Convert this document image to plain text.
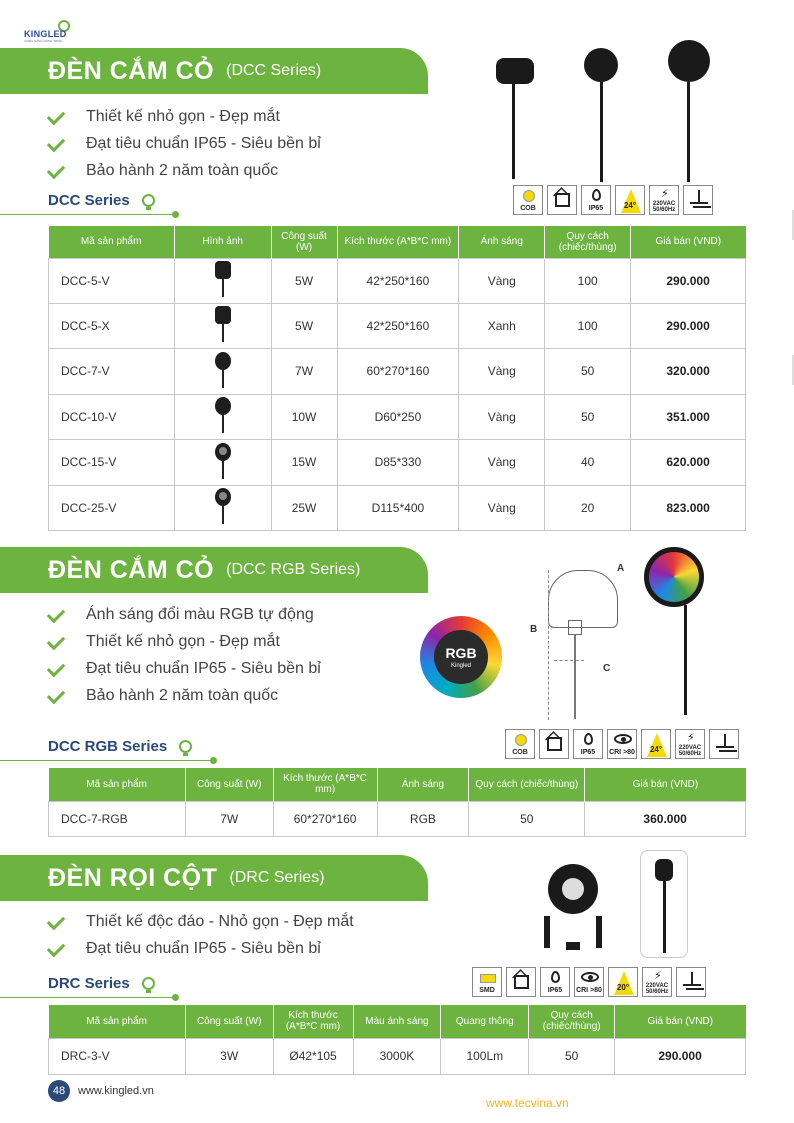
KINGLED
CHIẾU SÁNG CÔNG TRÌNH
ĐÈN CẮM CỎ (DCC Series)
Thiết kế nhỏ gọn - Đẹp mắt
Đạt tiêu chuẩn IP65 - Siêu bền bỉ
Bảo hành 2 năm toàn quốc
DCC Series	COB	IP65	24°
⚡
220VAC 50/60Hz
Mã sản phẩm	Hình ảnh	Công suất (W)	Kích thước (A*B*C mm)	Ánh sáng	Quy cách (chiếc/thùng)	Giá bán (VND)
DCC-5-V		5W	42*250*160	Vàng	100	290.000
DCC-5-X		5W	42*250*160	Xanh	100	290.000
DCC-7-V		7W	60*270*160	Vàng	50	320.000
DCC-10-V		10W	D60*250	Vàng	50	351.000
DCC-15-V		15W	D85*330	Vàng	40	620.000
DCC-25-V		25W	D115*400	Vàng	20	823.000
ĐÈN CẮM CỎ (DCC RGB Series)
Ánh sáng đổi màu RGB tự động
Thiết kế nhỏ gọn - Đẹp mắt
Đạt tiêu chuẩn IP65 - Siêu bền bỉ
Bảo hành 2 năm toàn quốc
RGB
Kingled
A
B
C
DCC RGB Series	COB	IP65	CRI >80	24°
⚡
220VAC 50/60Hz
Mã sản phẩm	Công suất (W)	Kích thước (A*B*C mm)	Ánh sáng	Quy cách (chiếc/thùng)	Giá bán (VND)
DCC-7-RGB	7W	60*270*160	RGB	50	360.000
ĐÈN RỌI CỘT (DRC Series)
Thiết kế độc đáo - Nhỏ gọn - Đẹp mắt
Đạt tiêu chuẩn IP65 - Siêu bền bỉ
DRC Series	SMD	IP65	CRI >80	20°
⚡
220VAC 50/60Hz
Mã sản phẩm	Công suất (W)	Kích thước (A*B*C mm)	Màu ánh sáng	Quang thông	Quy cách (chiếc/thùng)	Giá bán (VND)
DRC-3-V	3W	Ø42*105	3000K	100Lm	50	290.000
48	www.kingled.vn
www.tecvina.vn
